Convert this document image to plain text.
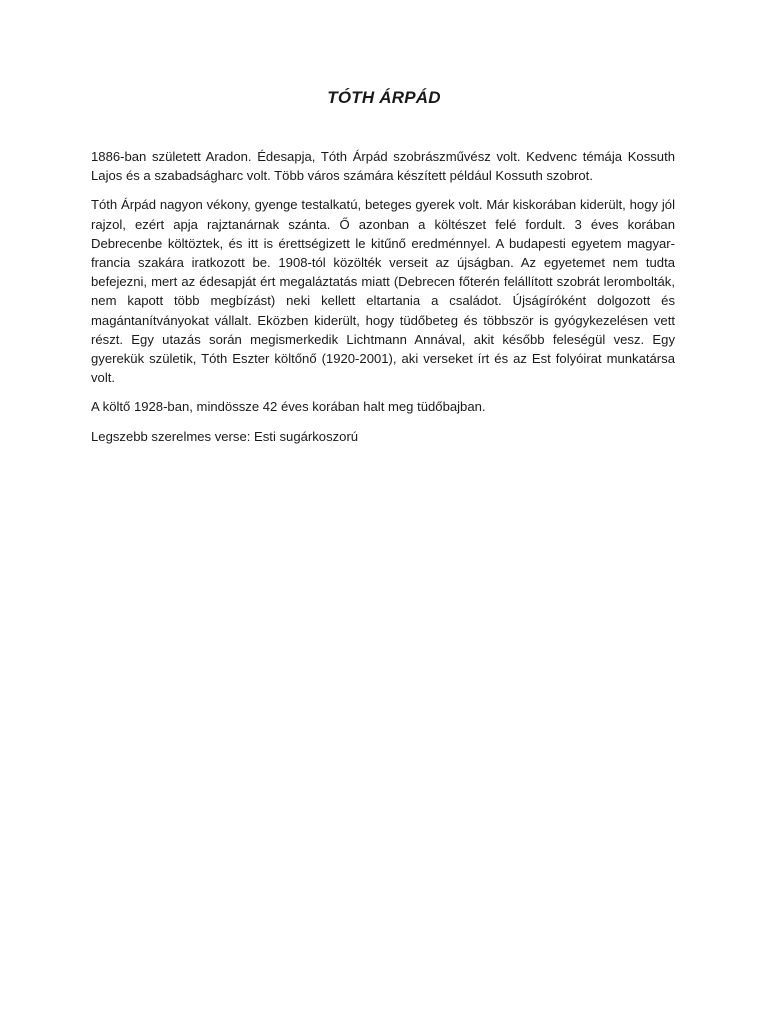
TÓTH ÁRPÁD

1886-ban született Aradon. Édesapja, Tóth Árpád szobrászművész volt. Kedvenc témája Kossuth Lajos és a szabadságharc volt. Több város számára készített például Kossuth szobrot.

Tóth Árpád nagyon vékony, gyenge testalkatú, beteges gyerek volt. Már kiskorában kiderült, hogy jól rajzol, ezért apja rajztanárnak szánta. Ő azonban a költészet felé fordult. 3 éves korában Debrecenbe költöztek, és itt is érettségizett le kitűnő eredménnyel. A budapesti egyetem magyar-francia szakára iratkozott be. 1908-tól közölték verseit az újságban. Az egyetemet nem tudta befejezni, mert az édesapját ért megaláztatás miatt (Debrecen főterén felállított szobrát lerombolták, nem kapott több megbízást) neki kellett eltartania a családot. Újságíróként dolgozott és magántanítványokat vállalt. Eközben kiderült, hogy tüdőbeteg és többször is gyógykezelésen vett részt. Egy utazás során megismerkedik Lichtmann Annával, akit később feleségül vesz. Egy gyerekük születik, Tóth Eszter költőnő (1920-2001), aki verseket írt és az Est folyóirat munkatársa volt.

A költő 1928-ban, mindössze 42 éves korában halt meg tüdőbajban.

Legszebb szerelmes verse: Esti sugárkoszorú
